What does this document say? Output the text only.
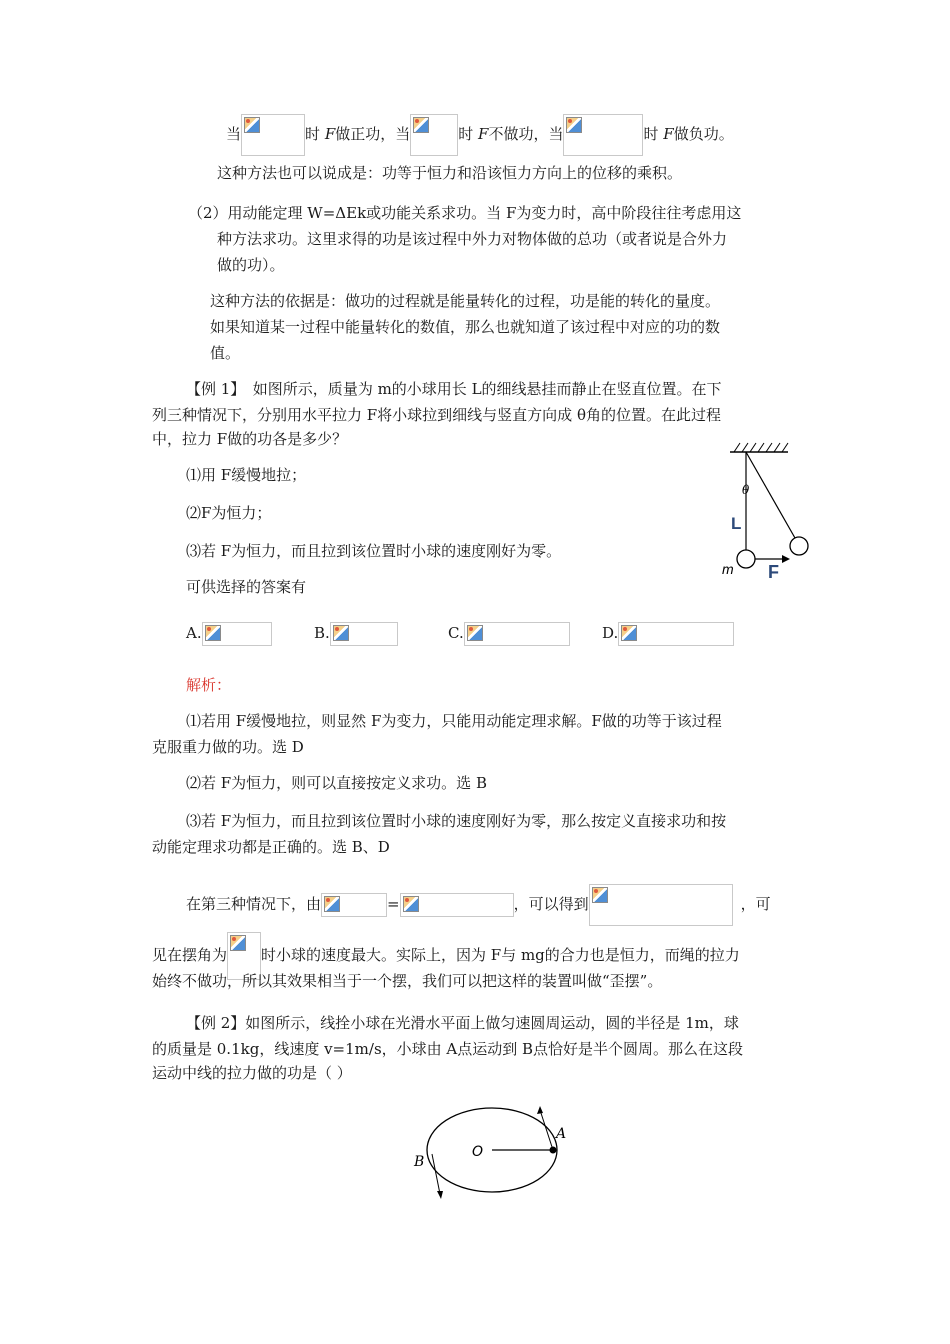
当	时 F做正功，当	时 F不做功，当	时 F做负功。
这种方法也可以说成是：功等于恒力和沿该恒力方向上的位移的乘积。
（2）用动能定理 W=ΔEk或功能关系求功。当 F为变力时，高中阶段往往考虑用这
种方法求功。这里求得的功是该过程中外力对物体做的总功（或者说是合外力
做的功）。
这种方法的依据是：做功的过程就是能量转化的过程，功是能的转化的量度。
如果知道某一过程中能量转化的数值，那么也就知道了该过程中对应的功的数
值。
【例 1】　如图所示，质量为 m的小球用长 L的细线悬挂而静止在竖直位置。在下
列三种情况下，分别用水平拉力 F将小球拉到细线与竖直方向成 θ角的位置。在此过程
中，拉力 F做的功各是多少？
⑴用 F缓慢地拉；
⑵F为恒力；
⑶若 F为恒力，而且拉到该位置时小球的速度刚好为零。
可供选择的答案有
θ
L
m F
A.	B.	C.	D.
解析：
⑴若用 F缓慢地拉，则显然 F为变力，只能用动能定理求解。F做的功等于该过程
克服重力做的功。选 D
⑵若 F为恒力，则可以直接按定义求功。选 B
⑶若 F为恒力，而且拉到该位置时小球的速度刚好为零，那么按定义直接求功和按
动能定理求功都是正确的。选 B、D
在第三种情况下，由	=	，可以得到	，可
见在摆角为 时小球的速度最大。实际上，因为 F与 mg的合力也是恒力，而绳的拉力
始终不做功，所以其效果相当于一个摆，我们可以把这样的装置叫做“歪摆”。
【例 2】如图所示，线拴小球在光滑水平面上做匀速圆周运动，圆的半径是 1m，球
的质量是 0.1kg，线速度 v=1m/s，小球由 A点运动到 B点恰好是半个圆周。那么在这段
运动中线的拉力做的功是（ ）
O
A
B
